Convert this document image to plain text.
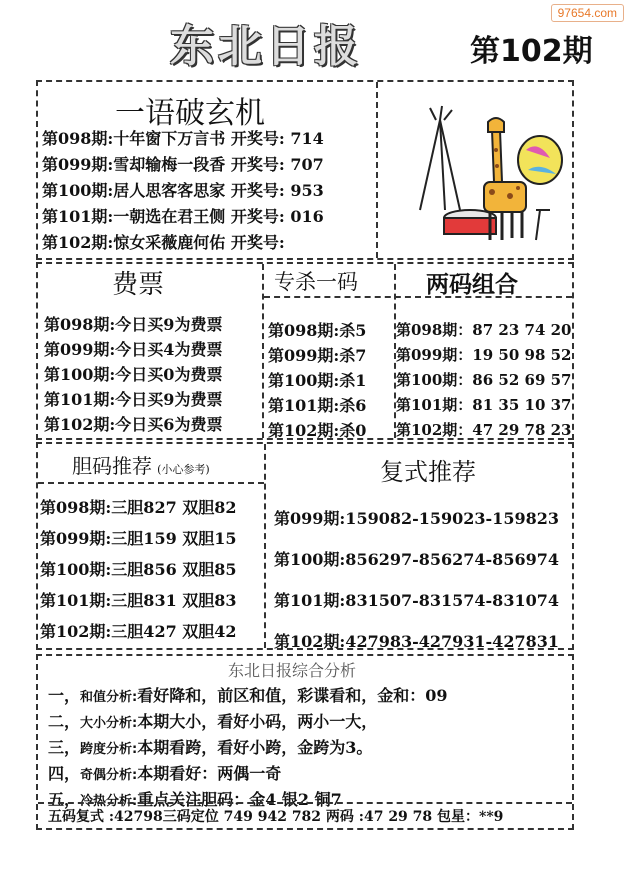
东北日报	第102期
97654.com
一语破玄机
第098期:十年窗下万言书 开奖号: 714
第099期:雪却输梅一段香 开奖号: 707
第100期:居人思客客思家 开奖号: 953
第101期:一朝选在君王侧 开奖号: 016
第102期:惊女采薇鹿何佑 开奖号:
费票
第098期:今日买9为费票
第099期:今日买4为费票
第100期:今日买0为费票
第101期:今日买9为费票
第102期:今日买6为费票
专杀一码
第098期:杀5
第099期:杀7
第100期:杀1
第101期:杀6
第102期:杀0
两码组合
第098期：87 23 74 20
第099期：19 50 98 52
第100期：86 52 69 57
第101期：81 35 10 37
第102期：47 29 78 23
胆码推荐 (小心参考)
第098期:三胆827 双胆82
第099期:三胆159 双胆15
第100期:三胆856 双胆85
第101期:三胆831 双胆83
第102期:三胆427 双胆42
复式推荐
第099期:159082-159023-159823
第100期:856297-856274-856974
第101期:831507-831574-831074
第102期:427983-427931-427831
东北日报综合分析
一，和值分析:看好降和，前区和值，彩谍看和，金和：09
二，大小分析:本期大小，看好小码，两小一大，
三，跨度分析:本期看跨，看好小跨，金跨为3。
四，奇偶分析:本期看好：两偶一奇
五，冷热分析:重点关注胆码：金4 银2 铜7
五码复式 :42798三码定位 749 942 782 两码 :47 29 78 包星：**9
